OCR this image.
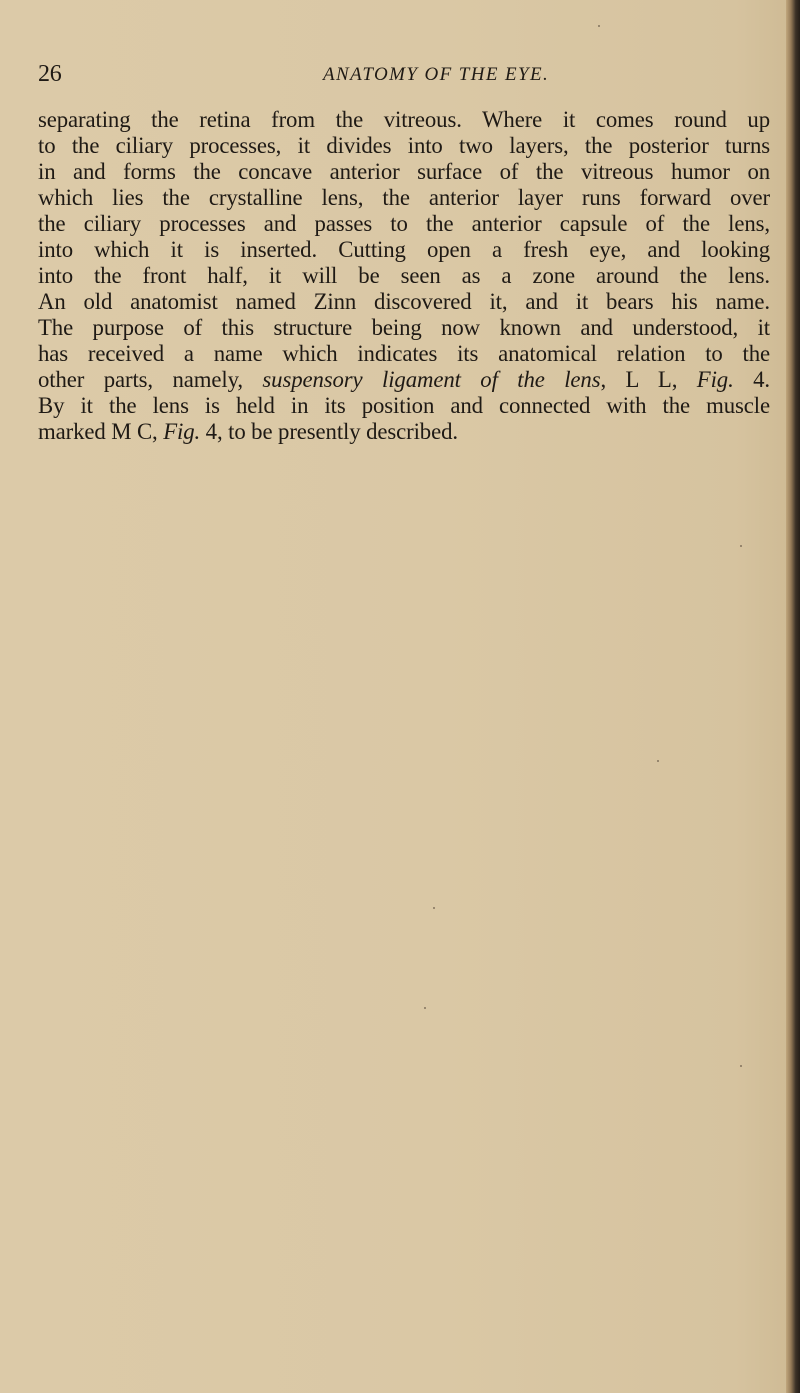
26	ANATOMY OF THE EYE.
separating the retina from the vitreous. Where it comes round up
to the ciliary processes, it divides into two layers, the posterior turns
in and forms the concave anterior surface of the vitreous humor on
which lies the crystalline lens, the anterior layer runs forward over
the ciliary processes and passes to the anterior capsule of the lens,
into which it is inserted. Cutting open a fresh eye, and looking
into the front half, it will be seen as a zone around the lens.
An old anatomist named Zinn discovered it, and it bears his name.
The purpose of this structure being now known and understood, it
has received a name which indicates its anatomical relation to the
other parts, namely, suspensory ligament of the lens, L L, Fig. 4.
By it the lens is held in its position and connected with the muscle
marked M C, Fig. 4, to be presently described.
